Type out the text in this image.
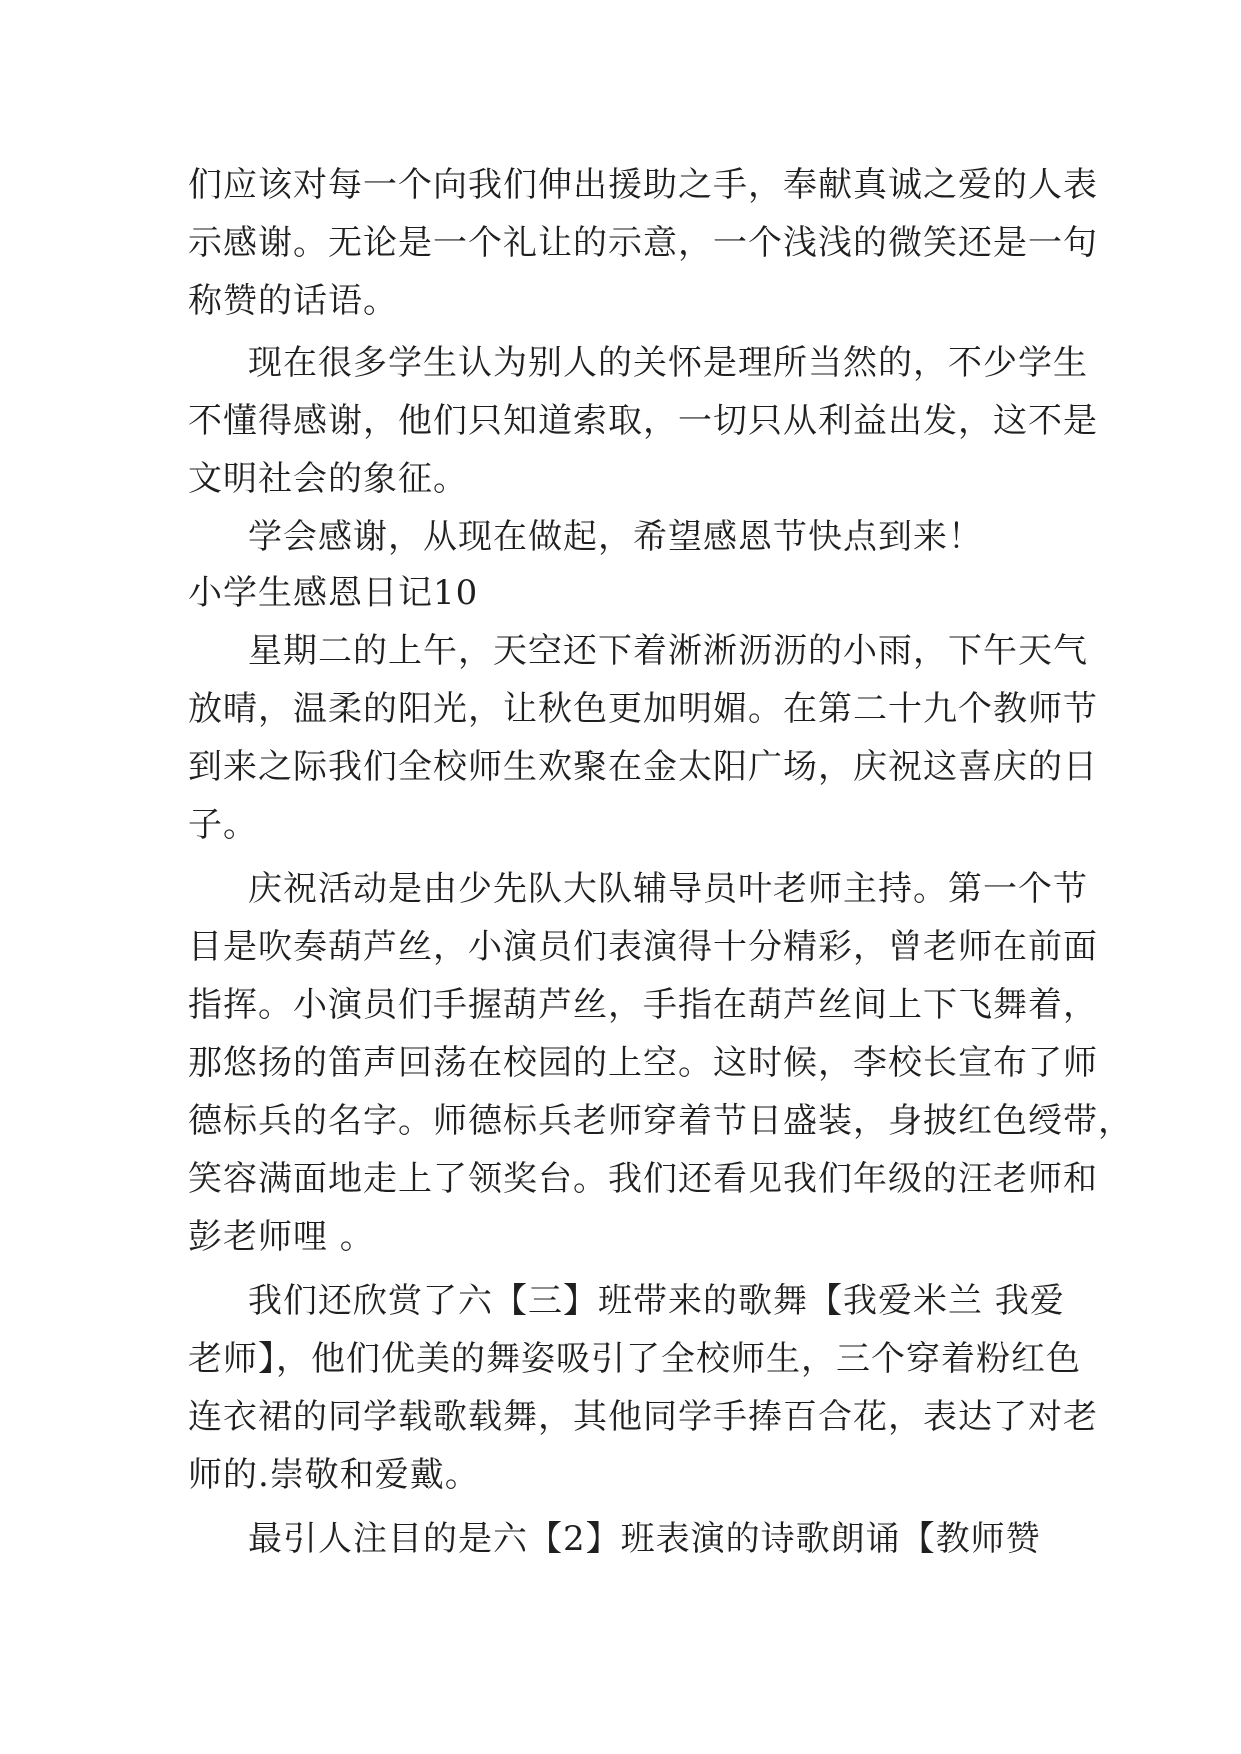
们应该对每一个向我们伸出援助之手，奉献真诚之爱的人表
示感谢。无论是一个礼让的示意，一个浅浅的微笑还是一句
称赞的话语。

现在很多学生认为别人的关怀是理所当然的，不少学生
不懂得感谢，他们只知道索取，一切只从利益出发，这不是
文明社会的象征。

学会感谢，从现在做起，希望感恩节快点到来！

小学生感恩日记10

星期二的上午，天空还下着淅淅沥沥的小雨，下午天气
放晴，温柔的阳光，让秋色更加明媚。在第二十九个教师节
到来之际我们全校师生欢聚在金太阳广场，庆祝这喜庆的日
子。

庆祝活动是由少先队大队辅导员叶老师主持。第一个节
目是吹奏葫芦丝，小演员们表演得十分精彩，曾老师在前面
指挥。小演员们手握葫芦丝，手指在葫芦丝间上下飞舞着，
那悠扬的笛声回荡在校园的上空。这时候，李校长宣布了师
德标兵的名字。师德标兵老师穿着节日盛装，身披红色绶带，
笑容满面地走上了领奖台。我们还看见我们年级的汪老师和
彭老师哩 。

我们还欣赏了六【三】班带来的歌舞【我爱米兰 我爱
老师】，他们优美的舞姿吸引了全校师生，三个穿着粉红色
连衣裙的同学载歌载舞，其他同学手捧百合花，表达了对老
师的.崇敬和爱戴。

最引人注目的是六【2】班表演的诗歌朗诵【教师赞
